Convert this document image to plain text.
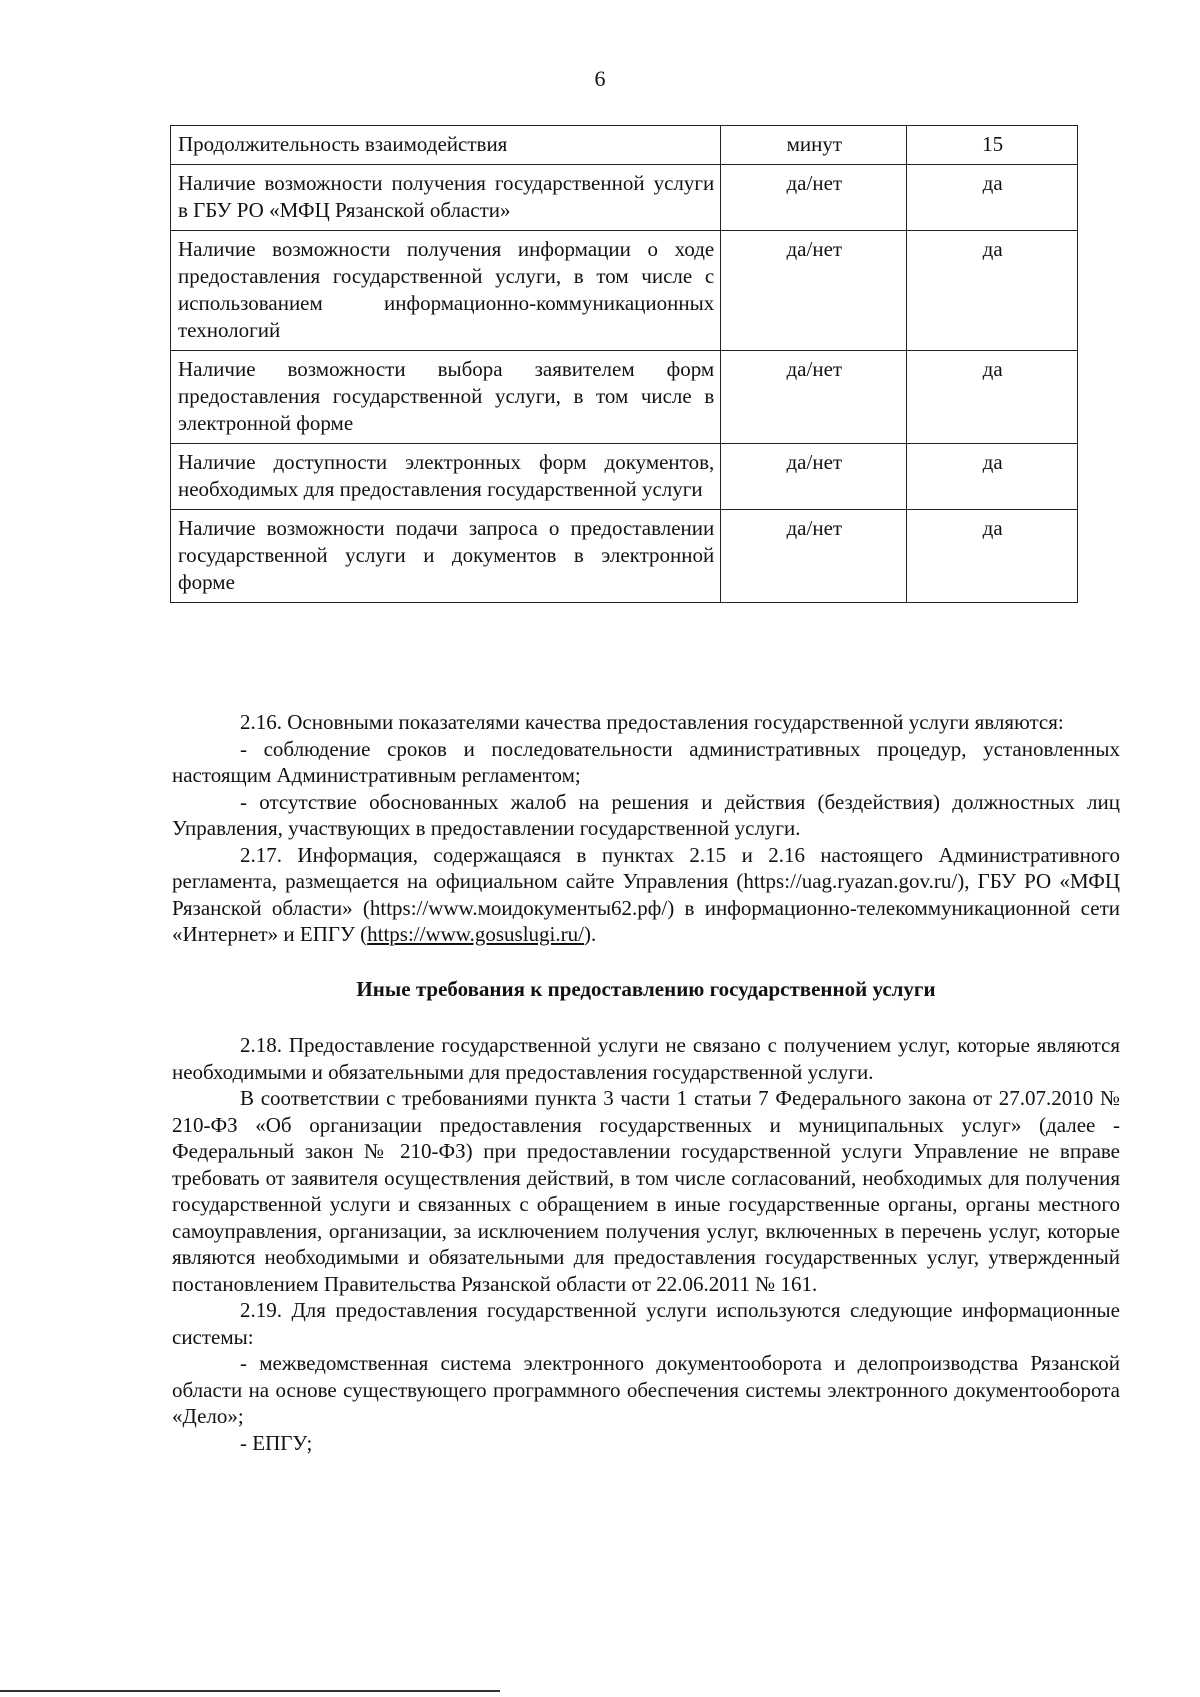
6
Продолжительность взаимодействия	минут	15
Наличие возможности получения государственной услуги в ГБУ РО «МФЦ Рязанской области»	да/нет	да
Наличие возможности получения информации о ходе предоставления государственной услуги, в том числе с использованием информационно-коммуникационных технологий	да/нет	да
Наличие возможности выбора заявителем форм предоставления государственной услуги, в том числе в электронной форме	да/нет	да
Наличие доступности электронных форм документов, необходимых для предоставления государственной услуги	да/нет	да
Наличие возможности подачи запроса о предоставлении государственной услуги и документов в электронной форме	да/нет	да

2.16. Основными показателями качества предоставления государственной услуги являются:

- соблюдение сроков и последовательности административных процедур, установленных настоящим Административным регламентом;

- отсутствие обоснованных жалоб на решения и действия (бездействия) должностных лиц Управления, участвующих в предоставлении государственной услуги.

2.17. Информация, содержащаяся в пунктах 2.15 и 2.16 настоящего Административного регламента, размещается на официальном сайте Управления (https://uag.ryazan.gov.ru/), ГБУ РО «МФЦ Рязанской области» (https://www.моидокументы62.рф/) в информационно-телекоммуникационной сети «Интернет» и ЕПГУ (https://www.gosuslugi.ru/).

Иные требования к предоставлению государственной услуги

2.18. Предоставление государственной услуги не связано с получением услуг, которые являются необходимыми и обязательными для предоставления государственной услуги.

В соответствии с требованиями пункта 3 части 1 статьи 7 Федерального закона от 27.07.2010 № 210-ФЗ «Об организации предоставления государственных и муниципальных услуг» (далее - Федеральный закон № 210-ФЗ) при предоставлении государственной услуги Управление не вправе требовать от заявителя осуществления действий, в том числе согласований, необходимых для получения государственной услуги и связанных с обращением в иные государственные органы, органы местного самоуправления, организации, за исключением получения услуг, включенных в перечень услуг, которые являются необходимыми и обязательными для предоставления государственных услуг, утвержденный постановлением Правительства Рязанской области от 22.06.2011 № 161.

2.19. Для предоставления государственной услуги используются следующие информационные системы:

- межведомственная система электронного документооборота и делопроизводства Рязанской области на основе существующего программного обеспечения системы электронного документооборота «Дело»;

- ЕПГУ;
